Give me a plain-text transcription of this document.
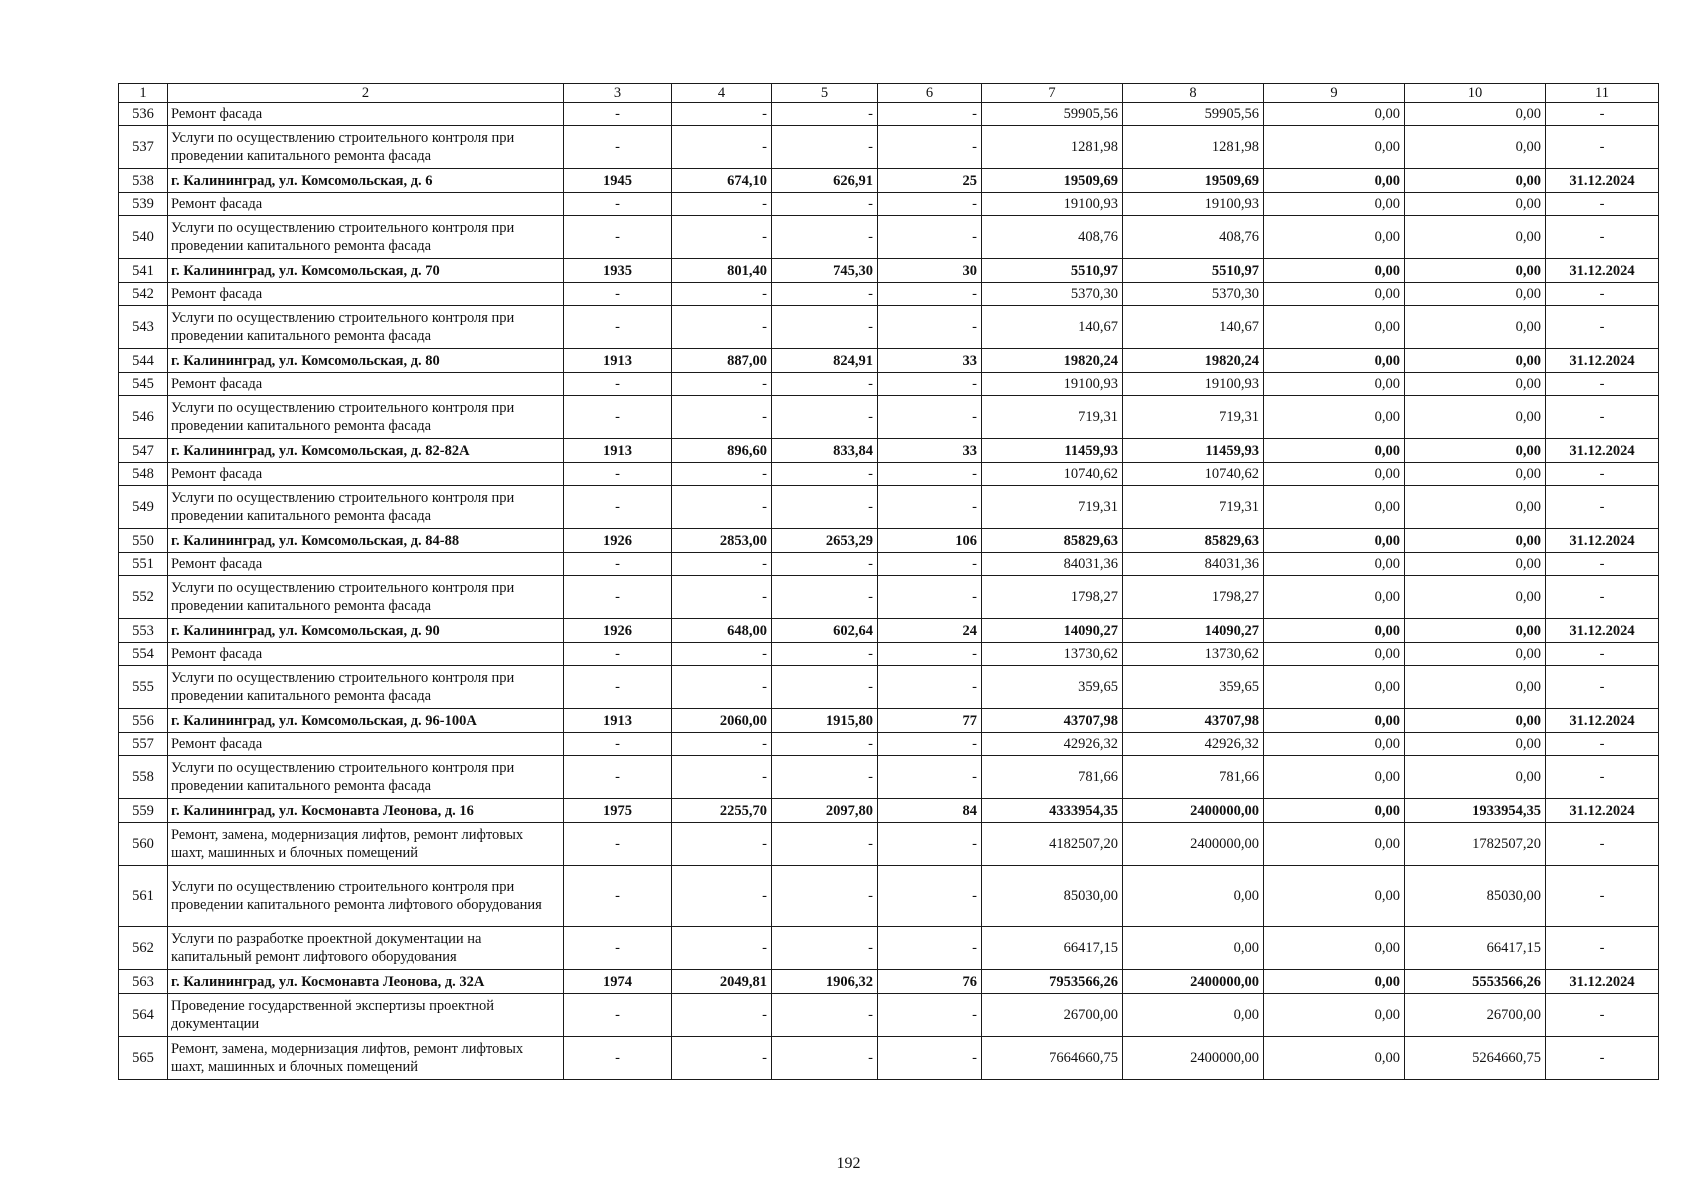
1	2	3	4	5	6	7	8	9	10	11
536	Ремонт фасада	-	-	-	-	59905,56	59905,56	0,00	0,00	-
537	Услуги по осуществлению строительного контроля при проведении капитального ремонта фасада	-	-	-	-	1281,98	1281,98	0,00	0,00	-
538	г. Калининград, ул. Комсомольская, д. 6	1945	674,10	626,91	25	19509,69	19509,69	0,00	0,00	31.12.2024
539	Ремонт фасада	-	-	-	-	19100,93	19100,93	0,00	0,00	-
540	Услуги по осуществлению строительного контроля при проведении капитального ремонта фасада	-	-	-	-	408,76	408,76	0,00	0,00	-
541	г. Калининград, ул. Комсомольская, д. 70	1935	801,40	745,30	30	5510,97	5510,97	0,00	0,00	31.12.2024
542	Ремонт фасада	-	-	-	-	5370,30	5370,30	0,00	0,00	-
543	Услуги по осуществлению строительного контроля при проведении капитального ремонта фасада	-	-	-	-	140,67	140,67	0,00	0,00	-
544	г. Калининград, ул. Комсомольская, д. 80	1913	887,00	824,91	33	19820,24	19820,24	0,00	0,00	31.12.2024
545	Ремонт фасада	-	-	-	-	19100,93	19100,93	0,00	0,00	-
546	Услуги по осуществлению строительного контроля при проведении капитального ремонта фасада	-	-	-	-	719,31	719,31	0,00	0,00	-
547	г. Калининград, ул. Комсомольская, д. 82-82А	1913	896,60	833,84	33	11459,93	11459,93	0,00	0,00	31.12.2024
548	Ремонт фасада	-	-	-	-	10740,62	10740,62	0,00	0,00	-
549	Услуги по осуществлению строительного контроля при проведении капитального ремонта фасада	-	-	-	-	719,31	719,31	0,00	0,00	-
550	г. Калининград, ул. Комсомольская, д. 84-88	1926	2853,00	2653,29	106	85829,63	85829,63	0,00	0,00	31.12.2024
551	Ремонт фасада	-	-	-	-	84031,36	84031,36	0,00	0,00	-
552	Услуги по осуществлению строительного контроля при проведении капитального ремонта фасада	-	-	-	-	1798,27	1798,27	0,00	0,00	-
553	г. Калининград, ул. Комсомольская, д. 90	1926	648,00	602,64	24	14090,27	14090,27	0,00	0,00	31.12.2024
554	Ремонт фасада	-	-	-	-	13730,62	13730,62	0,00	0,00	-
555	Услуги по осуществлению строительного контроля при проведении капитального ремонта фасада	-	-	-	-	359,65	359,65	0,00	0,00	-
556	г. Калининград, ул. Комсомольская, д. 96-100А	1913	2060,00	1915,80	77	43707,98	43707,98	0,00	0,00	31.12.2024
557	Ремонт фасада	-	-	-	-	42926,32	42926,32	0,00	0,00	-
558	Услуги по осуществлению строительного контроля при проведении капитального ремонта фасада	-	-	-	-	781,66	781,66	0,00	0,00	-
559	г. Калининград, ул. Космонавта Леонова, д. 16	1975	2255,70	2097,80	84	4333954,35	2400000,00	0,00	1933954,35	31.12.2024
560	Ремонт, замена, модернизация лифтов, ремонт лифтовых шахт, машинных и блочных помещений	-	-	-	-	4182507,20	2400000,00	0,00	1782507,20	-
561	Услуги по осуществлению строительного контроля при проведении капитального ремонта лифтового оборудования	-	-	-	-	85030,00	0,00	0,00	85030,00	-
562	Услуги по разработке проектной документации на капитальный ремонт лифтового оборудования	-	-	-	-	66417,15	0,00	0,00	66417,15	-
563	г. Калининград, ул. Космонавта Леонова, д. 32А	1974	2049,81	1906,32	76	7953566,26	2400000,00	0,00	5553566,26	31.12.2024
564	Проведение государственной экспертизы проектной документации	-	-	-	-	26700,00	0,00	0,00	26700,00	-
565	Ремонт, замена, модернизация лифтов, ремонт лифтовых шахт, машинных и блочных помещений	-	-	-	-	7664660,75	2400000,00	0,00	5264660,75	-
192
